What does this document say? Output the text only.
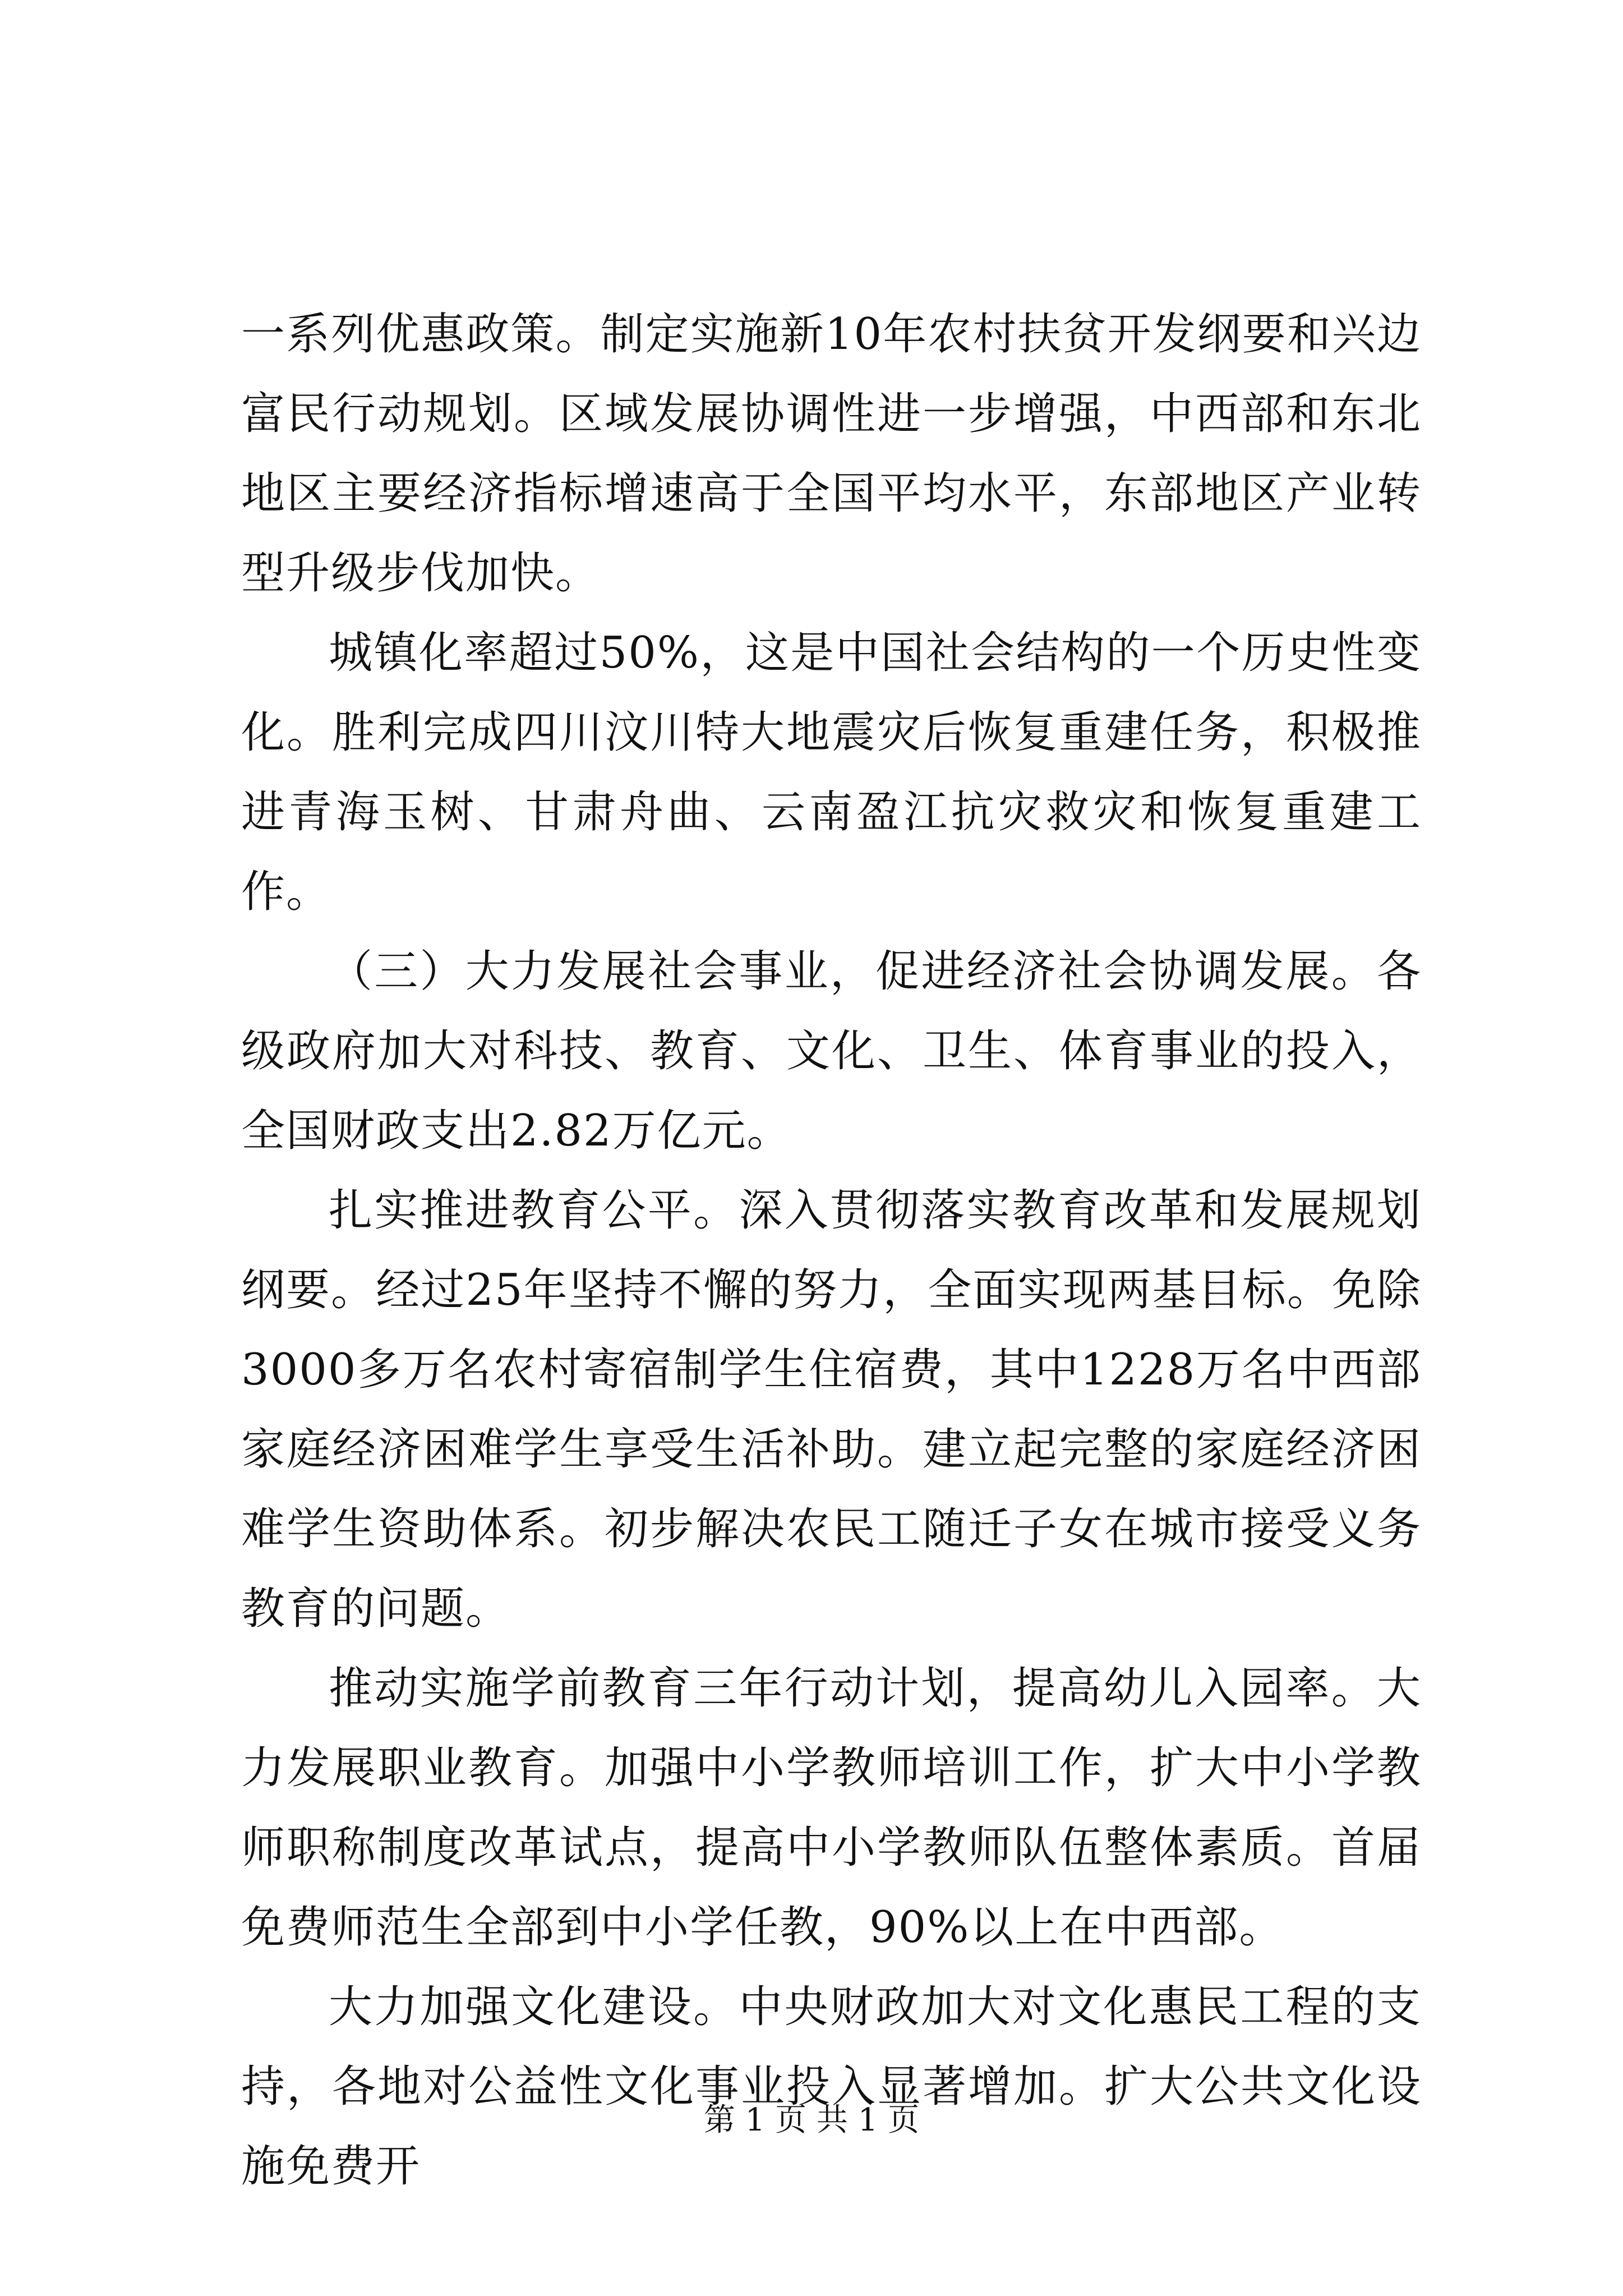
一系列优惠政策。制定实施新10年农村扶贫开发纲要和兴边富民行动规划。区域发展协调性进一步增强，中西部和东北地区主要经济指标增速高于全国平均水平，东部地区产业转型升级步伐加快。

城镇化率超过50%，这是中国社会结构的一个历史性变化。胜利完成四川汶川特大地震灾后恢复重建任务，积极推进青海玉树、甘肃舟曲、云南盈江抗灾救灾和恢复重建工作。

（三）大力发展社会事业，促进经济社会协调发展。各级政府加大对科技、教育、文化、卫生、体育事业的投入，全国财政支出2.82万亿元。

扎实推进教育公平。深入贯彻落实教育改革和发展规划纲要。经过25年坚持不懈的努力，全面实现两基目标。免除3000多万名农村寄宿制学生住宿费，其中1228万名中西部家庭经济困难学生享受生活补助。建立起完整的家庭经济困难学生资助体系。初步解决农民工随迁子女在城市接受义务教育的问题。

推动实施学前教育三年行动计划，提高幼儿入园率。大力发展职业教育。加强中小学教师培训工作，扩大中小学教师职称制度改革试点，提高中小学教师队伍整体素质。首届免费师范生全部到中小学任教，90%以上在中西部。

大力加强文化建设。中央财政加大对文化惠民工程的支持，各地对公益性文化事业投入显著增加。扩大公共文化设施免费开

第 1 页 共 1 页
